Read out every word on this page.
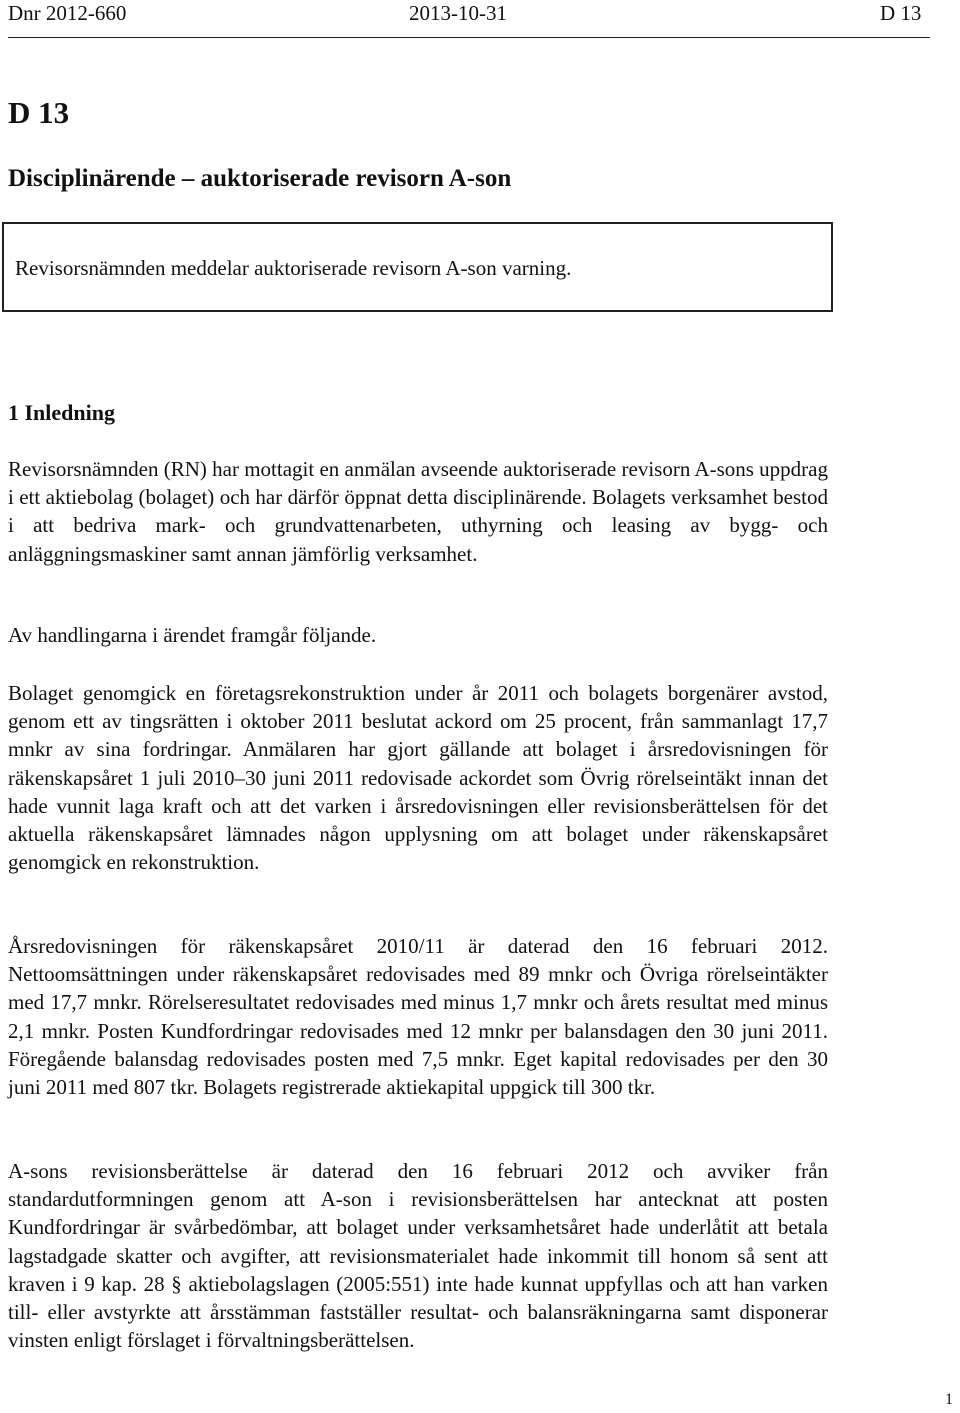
Dnr 2012-660	2013-10-31	D 13
D 13
Disciplinärende – auktoriserade revisorn A-son
Revisorsnämnden meddelar auktoriserade revisorn A-son varning.
1 Inledning
Revisorsnämnden (RN) har mottagit en anmälan avseende auktoriserade revisorn A-sons uppdrag i ett aktiebolag (bolaget) och har därför öppnat detta disciplinärende. Bolagets verksamhet bestod i att bedriva mark- och grundvattenarbeten, uthyrning och leasing av bygg- och anläggningsmaskiner samt annan jämförlig verksamhet.
Av handlingarna i ärendet framgår följande.
Bolaget genomgick en företagsrekonstruktion under år 2011 och bolagets borgenärer avstod, genom ett av tingsrätten i oktober 2011 beslutat ackord om 25 procent, från sammanlagt 17,7 mnkr av sina fordringar. Anmälaren har gjort gällande att bolaget i årsredovisningen för räkenskapsåret 1 juli 2010–30 juni 2011 redovisade ackordet som Övrig rörelseintäkt innan det hade vunnit laga kraft och att det varken i årsredovisningen eller revisionsberättelsen för det aktuella räkenskapsåret lämnades någon upplysning om att bolaget under räkenskapsåret genomgick en rekonstruktion.
Årsredovisningen för räkenskapsåret 2010/11 är daterad den 16 februari 2012. Nettoomsättningen under räkenskapsåret redovisades med 89 mnkr och Övriga rörelseintäkter med 17,7 mnkr. Rörelseresultatet redovisades med minus 1,7 mnkr och årets resultat med minus 2,1 mnkr. Posten Kundfordringar redovisades med 12 mnkr per balansdagen den 30 juni 2011. Föregående balansdag redovisades posten med 7,5 mnkr. Eget kapital redovisades per den 30 juni 2011 med 807 tkr. Bolagets registrerade aktiekapital uppgick till 300 tkr.
A-sons revisionsberättelse är daterad den 16 februari 2012 och avviker från standardutformningen genom att A-son i revisionsberättelsen har antecknat att posten Kundfordringar är svårbedömbar, att bolaget under verksamhetsåret hade underlåtit att betala lagstadgade skatter och avgifter, att revisionsmaterialet hade inkommit till honom så sent att kraven i 9 kap. 28 § aktiebolagslagen (2005:551) inte hade kunnat uppfyllas och att han varken till- eller avstyrkte att årsstämman fastställer resultat- och balansräkningarna samt disponerar vinsten enligt förslaget i förvaltningsberättelsen.
1
